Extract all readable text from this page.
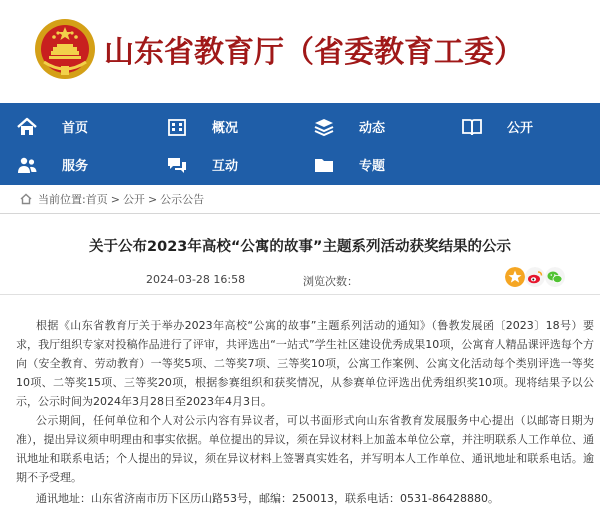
山东省教育厅（省委教育工委）
首页	概况	动态	公开
服务	互动	专题
当前位置: 首页 > 公开 > 公示公告
关于公布2023年高校“公寓的故事”主题系列活动获奖结果的公示
2024-03-28 16:58	浏览次数：
根据《山东省教育厅关于举办2023年高校“公寓的故事”主题系列活动的通知》（鲁教发展函〔2023〕18号）要求，我厅组织专家对投稿作品进行了评审，共评选出“一站式”学生社区建设优秀成果10项，公寓育人精品课评选每个方向（安全教育、劳动教育）一等奖5项、二等奖7项、三等奖10项，公寓工作案例、公寓文化活动每个类别评选一等奖10项、二等奖15项、三等奖20项，根据参赛组织和获奖情况，从参赛单位评选出优秀组织奖10项。现将结果予以公示，公示时间为2024年3月28日至2023年4月3日。
公示期间，任何单位和个人对公示内容有异议者，可以书面形式向山东省教育发展服务中心提出（以邮寄日期为准），提出异议须申明理由和事实依据。单位提出的异议，须在异议材料上加盖本单位公章，并注明联系人工作单位、通讯地址和联系电话；个人提出的异议，须在异议材料上签署真实姓名，并写明本人工作单位、通讯地址和联系电话。逾期不予受理。
通讯地址：山东省济南市历下区历山路53号，邮编：250013，联系电话：0531-86428880。
